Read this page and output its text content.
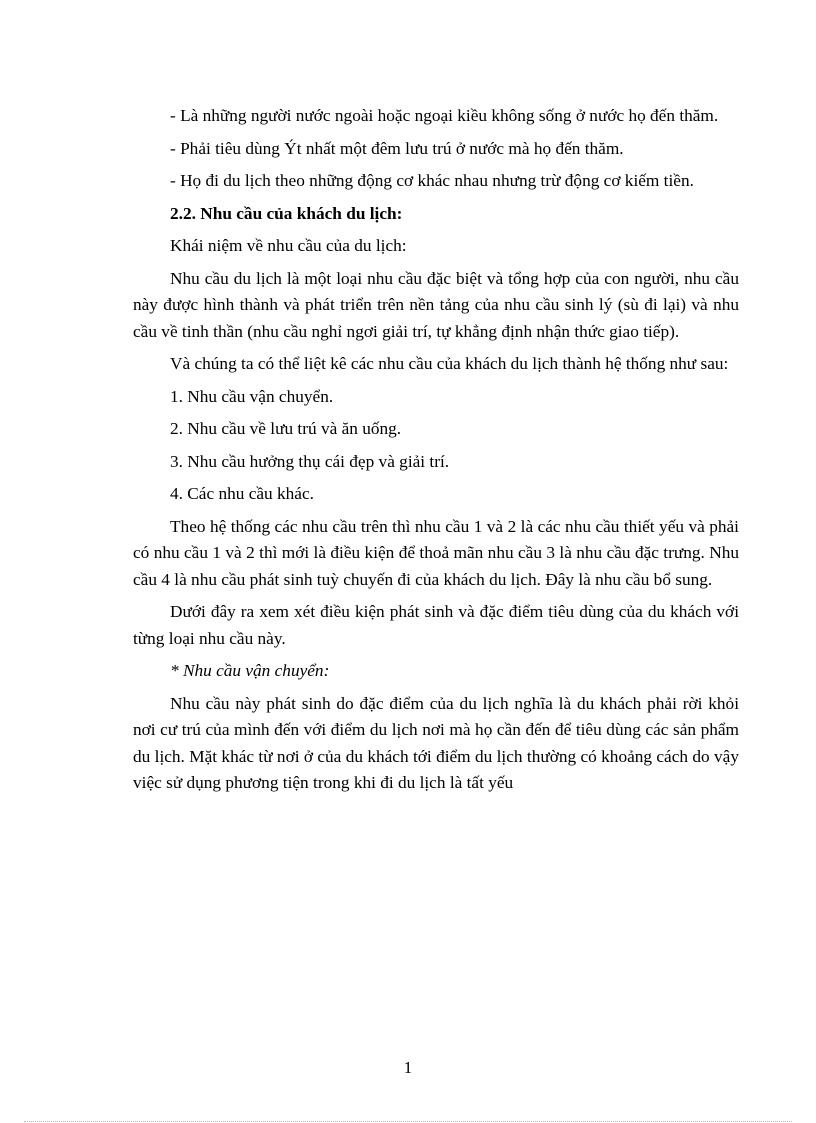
- Là những người nước ngoài hoặc ngoại kiều không sống ở nước họ đến thăm.

- Phải tiêu dùng Ýt nhất một đêm lưu trú ở nước mà họ đến thăm.

- Họ đi du lịch theo những động cơ khác nhau nhưng trừ động cơ kiếm tiền.

2.2. Nhu cầu của khách du lịch:

Khái niệm về nhu cầu của du lịch:

Nhu cầu du lịch là một loại nhu cầu đặc biệt và tổng hợp của con người, nhu cầu này được hình thành và phát triển trên nền tảng của nhu cầu sinh lý (sù đi lại) và nhu cầu về tinh thần (nhu cầu nghỉ ngơi giải trí, tự khẳng định nhận thức giao tiếp).

Và chúng ta có thể liệt kê các nhu cầu của khách du lịch thành hệ thống như sau:

1. Nhu cầu vận chuyển.

2. Nhu cầu về lưu trú và ăn uống.

3. Nhu cầu hưởng thụ cái đẹp và giải trí.

4. Các nhu cầu khác.

Theo hệ thống các nhu cầu trên thì nhu cầu 1 và 2 là các nhu cầu thiết yếu và phải có nhu cầu 1 và 2 thì mới là điều kiện để thoả mãn nhu cầu 3 là nhu cầu đặc trưng. Nhu cầu 4 là nhu cầu phát sinh tuỳ chuyến đi của khách du lịch. Đây là nhu cầu bổ sung.

Dưới đây ra xem xét điều kiện phát sinh và đặc điểm tiêu dùng của du khách với từng loại nhu cầu này.

* Nhu cầu vận chuyển:

Nhu cầu này phát sinh do đặc điểm của du lịch nghĩa là du khách phải rời khỏi nơi cư trú của mình đến với điểm du lịch nơi mà họ cần đến để tiêu dùng các sản phẩm du lịch. Mặt khác từ nơi ở của du khách tới điểm du lịch thường có khoảng cách do vậy việc sử dụng phương tiện trong khi đi du lịch là tất yếu

1
